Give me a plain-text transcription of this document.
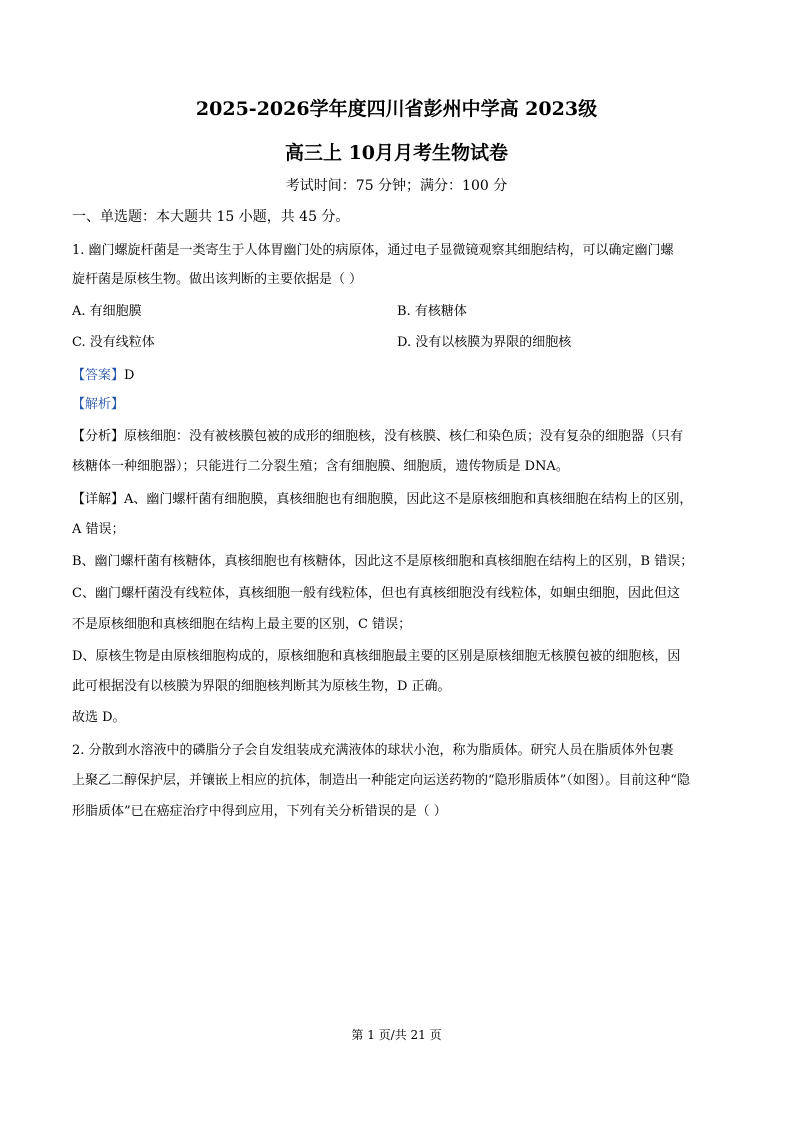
2025-2026学年度四川省彭州中学高 2023级
高三上 10月月考生物试卷
考试时间：75 分钟；满分：100 分
一、单选题：本大题共 15 小题，共 45 分。
1. 幽门螺旋杆菌是一类寄生于人体胃幽门处的病原体，通过电子显微镜观察其细胞结构，可以确定幽门螺
旋杆菌是原核生物。做出该判断的主要依据是（ ）
A. 有细胞膜	B. 有核糖体
C. 没有线粒体	D. 没有以核膜为界限的细胞核
【答案】D
【解析】
【分析】原核细胞：没有被核膜包被的成形的细胞核，没有核膜、核仁和染色质；没有复杂的细胞器（只有
核糖体一种细胞器）；只能进行二分裂生殖；含有细胞膜、细胞质，遗传物质是 DNA。
【详解】A、幽门螺杆菌有细胞膜，真核细胞也有细胞膜，因此这不是原核细胞和真核细胞在结构上的区别，
A 错误；
B、幽门螺杆菌有核糖体，真核细胞也有核糖体，因此这不是原核细胞和真核细胞在结构上的区别，B 错误；
C、幽门螺杆菌没有线粒体，真核细胞一般有线粒体，但也有真核细胞没有线粒体，如蛔虫细胞，因此但这
不是原核细胞和真核细胞在结构上最主要的区别，C 错误；
D、原核生物是由原核细胞构成的，原核细胞和真核细胞最主要的区别是原核细胞无核膜包被的细胞核，因
此可根据没有以核膜为界限的细胞核判断其为原核生物，D 正确。
故选 D。
2. 分散到水溶液中的磷脂分子会自发组装成充满液体的球状小泡，称为脂质体。研究人员在脂质体外包裹
上聚乙二醇保护层，并镶嵌上相应的抗体，制造出一种能定向运送药物的“隐形脂质体”（如图）。目前这种“隐
形脂质体”已在癌症治疗中得到应用，下列有关分析错误的是（ ）
第 1 页/共 21 页
